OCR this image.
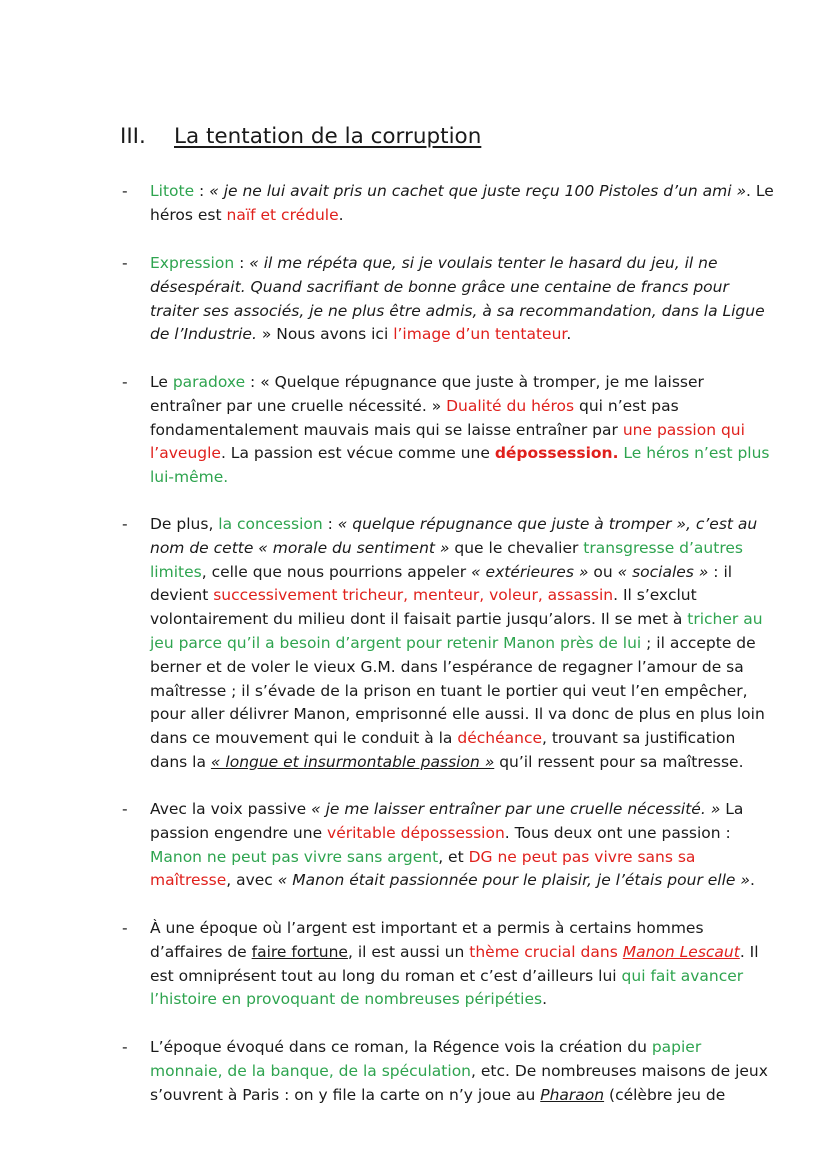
III. La tentation de la corruption
- Litote : « je ne lui avait pris un cachet que juste reçu 100 Pistoles d’un ami ». Le
héros est naïf et crédule.
- Expression : « il me répéta que, si je voulais tenter le hasard du jeu, il ne
désespérait. Quand sacrifiant de bonne grâce une centaine de francs pour
traiter ses associés, je ne plus être admis, à sa recommandation, dans la Ligue
de l’Industrie. » Nous avons ici l’image d’un tentateur.
- Le paradoxe : « Quelque répugnance que juste à tromper, je me laisser
entraîner par une cruelle nécessité. » Dualité du héros qui n’est pas
fondamentalement mauvais mais qui se laisse entraîner par une passion qui
l’aveugle. La passion est vécue comme une dépossession. Le héros n’est plus
lui-même.
- De plus, la concession : « quelque répugnance que juste à tromper », c’est au
nom de cette « morale du sentiment » que le chevalier transgresse d’autres
limites, celle que nous pourrions appeler « extérieures » ou « sociales » : il
devient successivement tricheur, menteur, voleur, assassin. Il s’exclut
volontairement du milieu dont il faisait partie jusqu’alors. Il se met à tricher au
jeu parce qu’il a besoin d’argent pour retenir Manon près de lui ; il accepte de
berner et de voler le vieux G.M. dans l’espérance de regagner l’amour de sa
maîtresse ; il s’évade de la prison en tuant le portier qui veut l’en empêcher,
pour aller délivrer Manon, emprisonné elle aussi. Il va donc de plus en plus loin
dans ce mouvement qui le conduit à la déchéance, trouvant sa justification
dans la « longue et insurmontable passion » qu’il ressent pour sa maîtresse.
- Avec la voix passive « je me laisser entraîner par une cruelle nécessité. » La
passion engendre une véritable dépossession. Tous deux ont une passion :
Manon ne peut pas vivre sans argent, et DG ne peut pas vivre sans sa
maîtresse, avec « Manon était passionnée pour le plaisir, je l’étais pour elle ».
- À une époque où l’argent est important et a permis à certains hommes
d’affaires de faire fortune, il est aussi un thème crucial dans Manon Lescaut. Il
est omniprésent tout au long du roman et c’est d’ailleurs lui qui fait avancer
l’histoire en provoquant de nombreuses péripéties.
- L’époque évoqué dans ce roman, la Régence vois la création du papier
monnaie, de la banque, de la spéculation, etc. De nombreuses maisons de jeux
s’ouvrent à Paris : on y file la carte on n’y joue au Pharaon (célèbre jeu de
